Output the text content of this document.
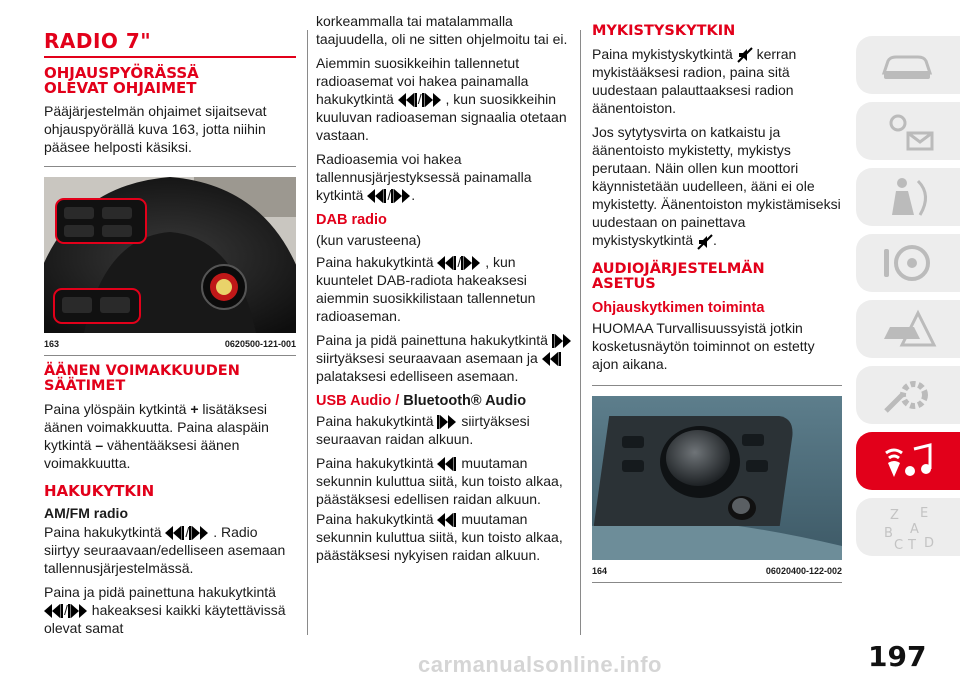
RADIO 7"
OHJAUSPYÖRÄSSÄ
OLEVAT OHJAIMET

Pääjärjestelmän ohjaimet sijaitsevat ohjauspyörällä kuva 163, jotta niihin pääsee helposti käsiksi.

163	0620500-121-001
ÄÄNEN VOIMAKKUUDEN
SÄÄTIMET

Paina ylöspäin kytkintä + lisätäksesi äänen voimakkuutta. Paina alaspäin kytkintä – vähentääksesi äänen voimakkuutta.

HAKUKYTKIN
AM/FM radio

Paina hakukytkintä / . Radio siirtyy seuraavaan/edelliseen asemaan tallennusjärjestelmässä.

Paina ja pidä painettuna hakukytkintä / hakeaksesi kaikki käytettävissä olevat samat

korkeammalla tai matalammalla taajuudella, oli ne sitten ohjelmoitu tai ei.

Aiemmin suosikkeihin tallennetut radioasemat voi hakea painamalla hakukytkintä / , kun suosikkeihin kuuluvan radioaseman signaalia otetaan vastaan.

Radioasemia voi hakea tallennusjärjestyksessä painamalla kytkintä / .

DAB radio

(kun varusteena)

Paina hakukytkintä / , kun kuuntelet DAB-radiota hakeaksesi aiemmin suosikkilistaan tallennetun radioaseman.

Paina ja pidä painettuna hakukytkintä  siirtyäksesi seuraavaan asemaan ja  palataksesi edelliseen asemaan.

USB Audio / Bluetooth® Audio

Paina hakukytkintä siirtyäksesi seuraavan raidan alkuun.

Paina hakukytkintä muutaman sekunnin kuluttua siitä, kun toisto alkaa, päästäksesi edellisen raidan alkuun.

Paina hakukytkintä muutaman sekunnin kuluttua siitä, kun toisto alkaa, päästäksesi nykyisen raidan alkuun.

MYKISTYSKYTKIN

Paina mykistyskytkintä kerran mykistääksesi radion, paina sitä uudestaan palauttaaksesi radion äänentoiston.

Jos sytytysvirta on katkaistu ja äänentoisto mykistetty, mykistys perutaan. Näin ollen kun moottori käynnistetään uudelleen, ääni ei ole mykistetty. Äänentoiston mykistämiseksi uudestaan on painettava mykistyskytkintä .

AUDIOJÄRJESTELMÄN
ASETUS
Ohjauskytkimen toiminta

HUOMAA Turvallisuussyistä jotkin kosketusnäytön toiminnot on estetty ajon aikana.

164	06020400-122-002
Z E
A
B
C T D
197
carmanualsonline.info
